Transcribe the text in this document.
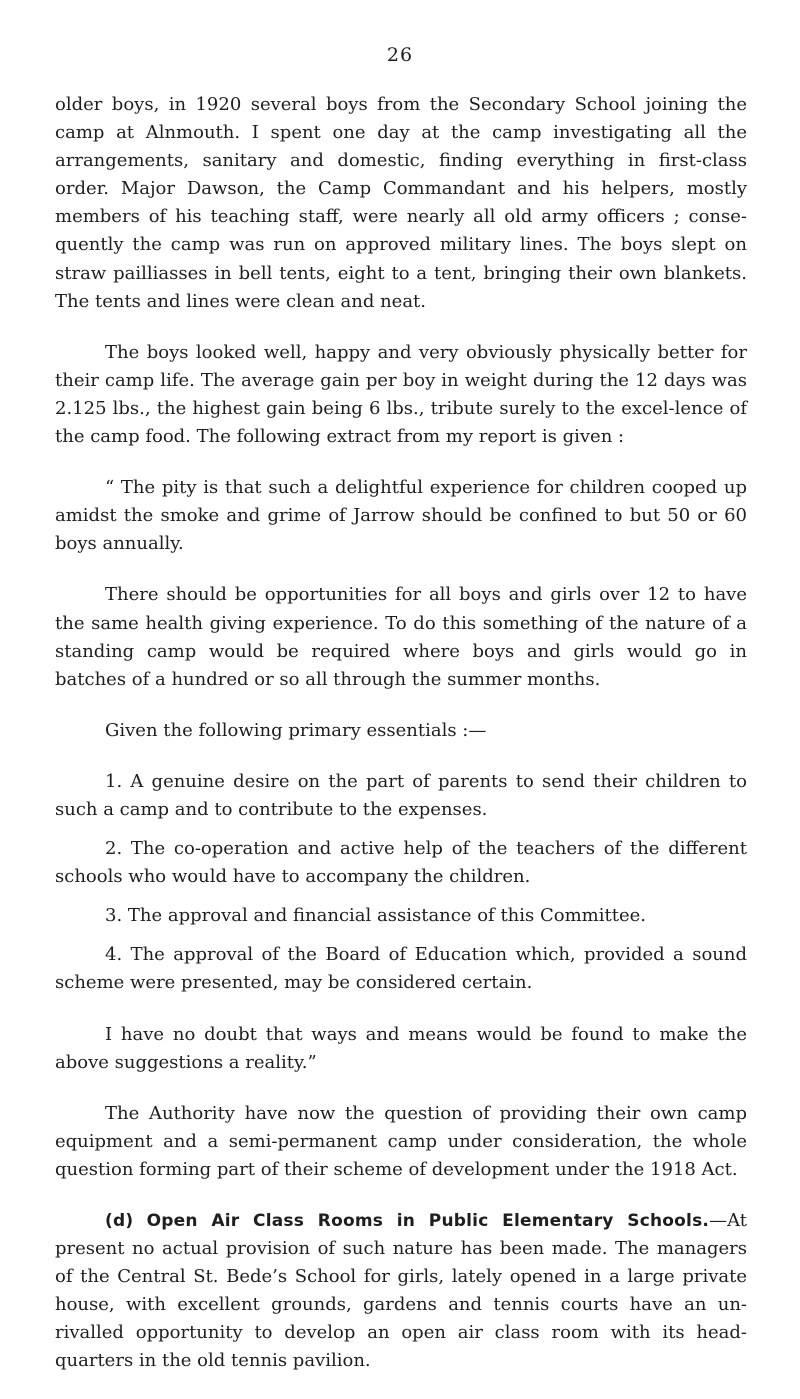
26

older boys, in 1920 several boys from the Secondary School joining the camp at Alnmouth. I spent one day at the camp investigating all the arrangements, sanitary and domestic, finding everything in first-class order. Major Dawson, the Camp Commandant and his helpers, mostly members of his teaching staff, were nearly all old army officers ; conse-quently the camp was run on approved military lines. The boys slept on straw pailliasses in bell tents, eight to a tent, bringing their own blankets. The tents and lines were clean and neat.

The boys looked well, happy and very obviously physically better for their camp life. The average gain per boy in weight during the 12 days was 2.125 lbs., the highest gain being 6 lbs., tribute surely to the excel-lence of the camp food. The following extract from my report is given :

“ The pity is that such a delightful experience for children cooped up amidst the smoke and grime of Jarrow should be confined to but 50 or 60 boys annually.

There should be opportunities for all boys and girls over 12 to have the same health giving experience. To do this something of the nature of a standing camp would be required where boys and girls would go in batches of a hundred or so all through the summer months.

Given the following primary essentials :—

1. A genuine desire on the part of parents to send their children to such a camp and to contribute to the expenses.

2. The co-operation and active help of the teachers of the different schools who would have to accompany the children.

3. The approval and financial assistance of this Committee.

4. The approval of the Board of Education which, provided a sound scheme were presented, may be considered certain.

I have no doubt that ways and means would be found to make the above suggestions a reality.”

The Authority have now the question of providing their own camp equipment and a semi-permanent camp under consideration, the whole question forming part of their scheme of development under the 1918 Act.

(d) Open Air Class Rooms in Public Elementary Schools.—At present no actual provision of such nature has been made. The managers of the Central St. Bede’s School for girls, lately opened in a large private house, with excellent grounds, gardens and tennis courts have an un-rivalled opportunity to develop an open air class room with its head-quarters in the old tennis pavilion.
